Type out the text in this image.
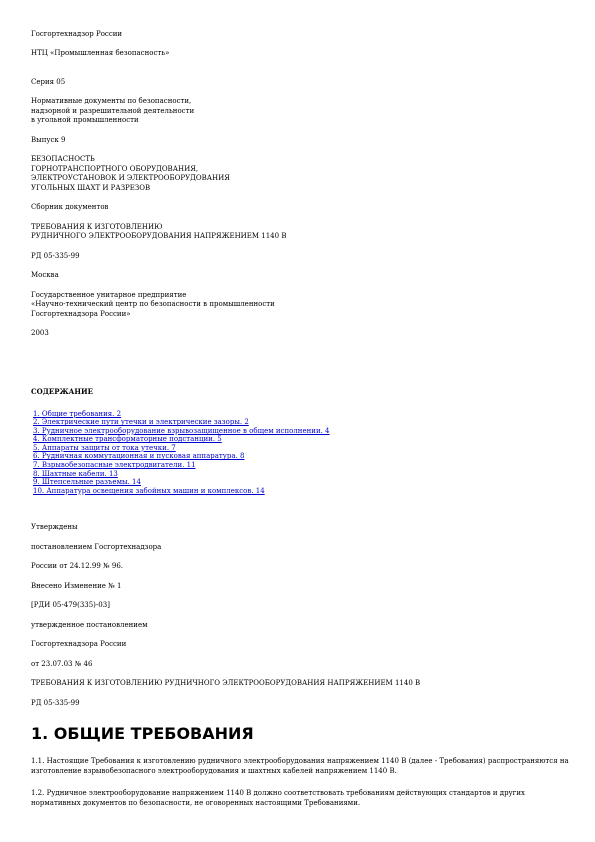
Госгортехнадзор России

НТЦ «Промышленная безопасность»

Серия 05
Нормативные документы по безопасности,
надзорной и разрешительной деятельности
в угольной промышленности
Выпуск 9
БЕЗОПАСНОСТЬ
ГОРНОТРАНСПОРТНОГО ОБОРУДОВАНИЯ,
ЭЛЕКТРОУСТАНОВОК И ЭЛЕКТРООБОРУДОВАНИЯ
УГОЛЬНЫХ ШАХТ И РАЗРЕЗОВ
Сборник документов
ТРЕБОВАНИЯ К ИЗГОТОВЛЕНИЮ
РУДНИЧНОГО ЭЛЕКТРООБОРУДОВАНИЯ НАПРЯЖЕНИЕМ 1140 В
РД 05-335-99
Москва
Государственное унитарное предприятие
«Научно-технический центр по безопасности в промышленности
Госгортехнадзора России»
2003
СОДЕРЖАНИЕ
1. Общие требования. 2
2. Электрические пути утечки и электрические зазоры. 2
3. Рудничное электрооборудование взрывозащищенное в общем исполнении. 4
4. Комплектные трансформаторные подстанции. 5
5. Аппараты защиты от тока утечки. 7
6. Рудничная коммутационная и пусковая аппаратура. 8
7. Взрывобезопасные электродвигатели. 11
8. Шахтные кабели. 13
9. Штепсельные разъемы. 14
10. Аппаратура освещения забойных машин и комплексов. 14
Утверждены
постановлением Госгортехнадзора
России от 24.12.99 № 96.
Внесено Изменение № 1
[РДИ 05-479(335)-03]
утвержденное постановлением
Госгортехнадзора России
от 23.07.03 № 46
ТРЕБОВАНИЯ К ИЗГОТОВЛЕНИЮ РУДНИЧНОГО ЭЛЕКТРООБОРУДОВАНИЯ НАПРЯЖЕНИЕМ 1140 В
РД 05-335-99
1. ОБЩИЕ ТРЕБОВАНИЯ

1.1. Настоящие Требования к изготовлению рудничного электрооборудования напряжением 1140 В (далее - Требования) распространяются на изготовление взрывобезопасного электрооборудования и шахтных кабелей напряжением 1140 В.

1.2. Рудничное электрооборудование напряжением 1140 В должно соответствовать требованиям действующих стандартов и других нормативных документов по безопасности, не оговоренных настоящими Требованиями.
